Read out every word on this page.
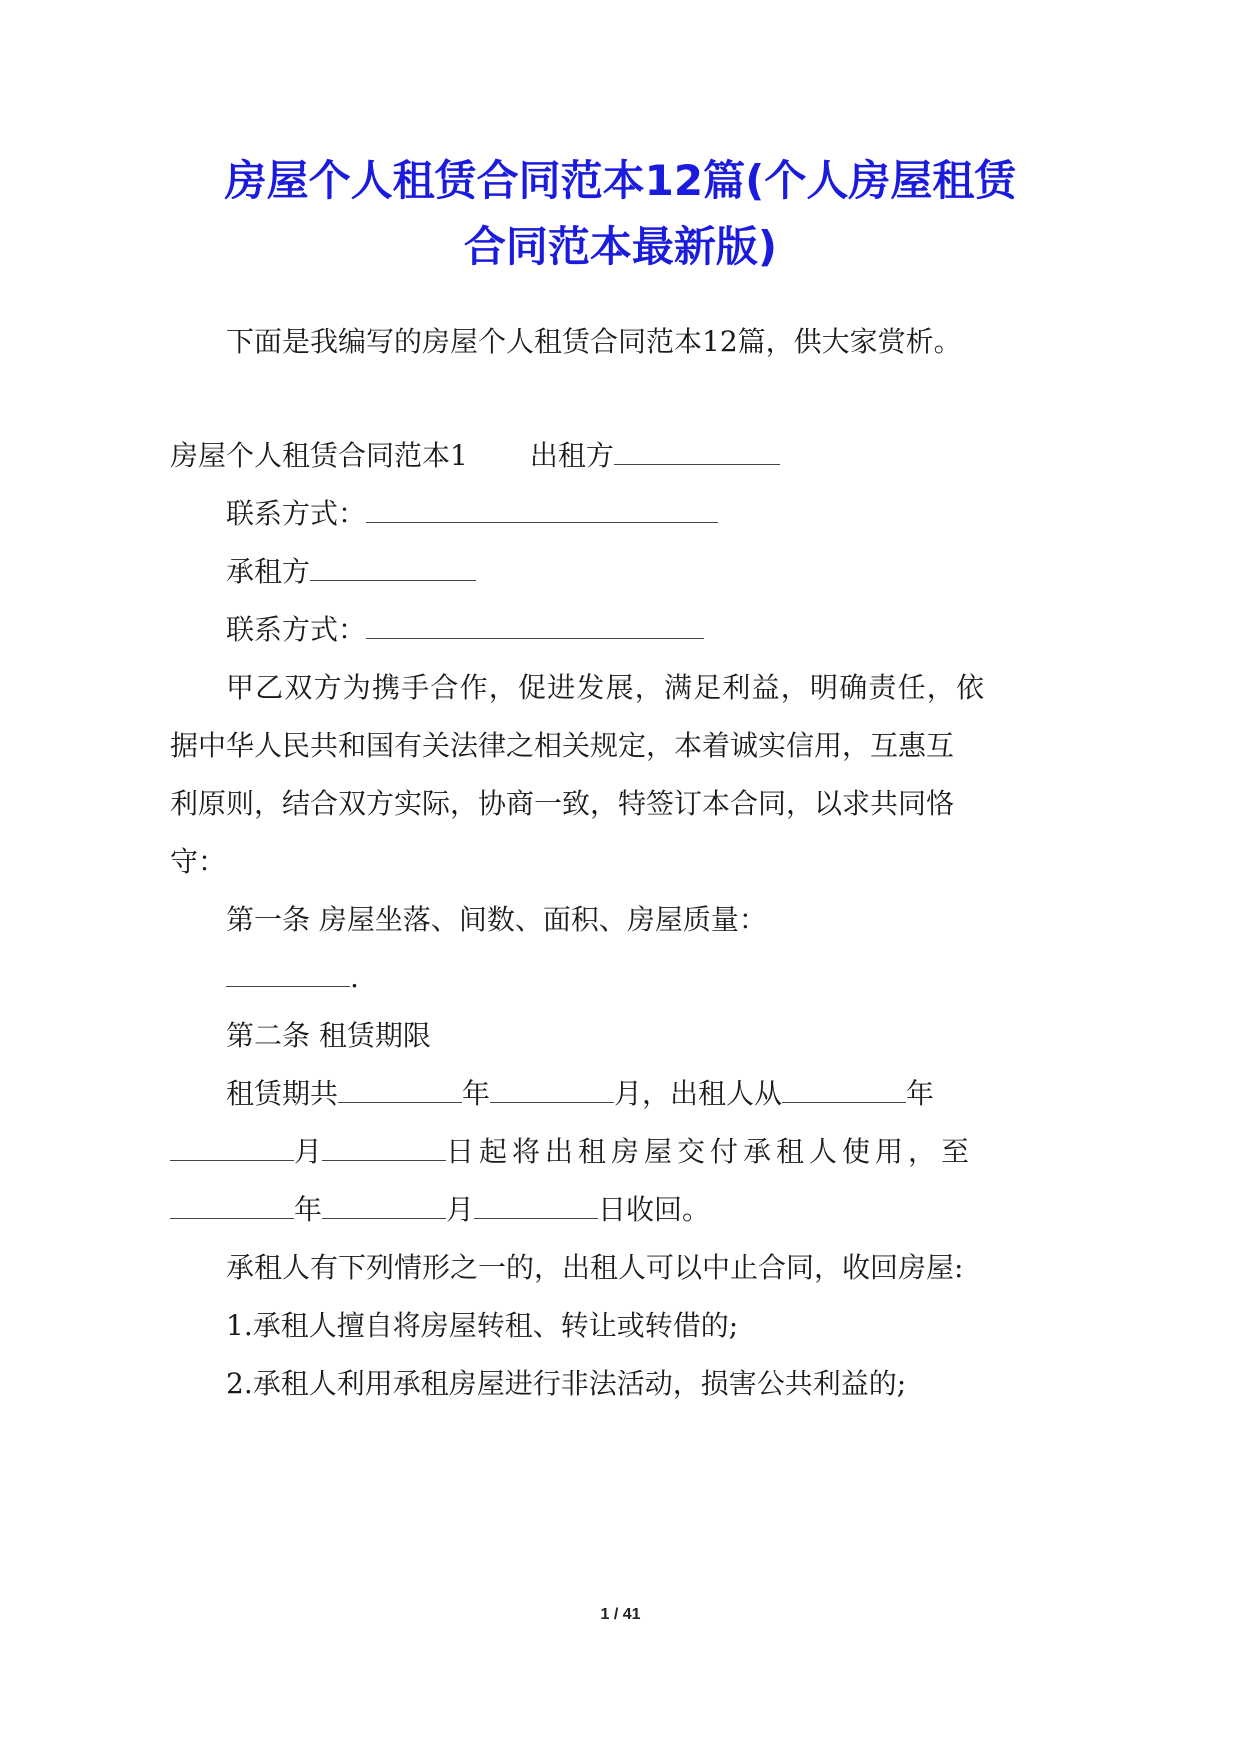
房屋个人租赁合同范本12篇(个人房屋租赁
合同范本最新版)

下面是我编写的房屋个人租赁合同范本12篇，供大家赏析。

房屋个人租赁合同范本1 出租方
联系方式：
承租方
联系方式：

甲乙双方为携手合作，促进发展，满足利益，明确责任，依

据中华人民共和国有关法律之相关规定，本着诚实信用，互惠互

利原则，结合双方实际，协商一致，特签订本合同，以求共同恪

守：

第一条 房屋坐落、间数、面积、房屋质量：

.

第二条 租赁期限

租赁期共	年	月，出租人从	年
月	日起将出租房屋交付承租人使用，至
年	月	日收回。

承租人有下列情形之一的，出租人可以中止合同，收回房屋:

1.承租人擅自将房屋转租、转让或转借的;

2.承租人利用承租房屋进行非法活动，损害公共利益的;

1 / 41
